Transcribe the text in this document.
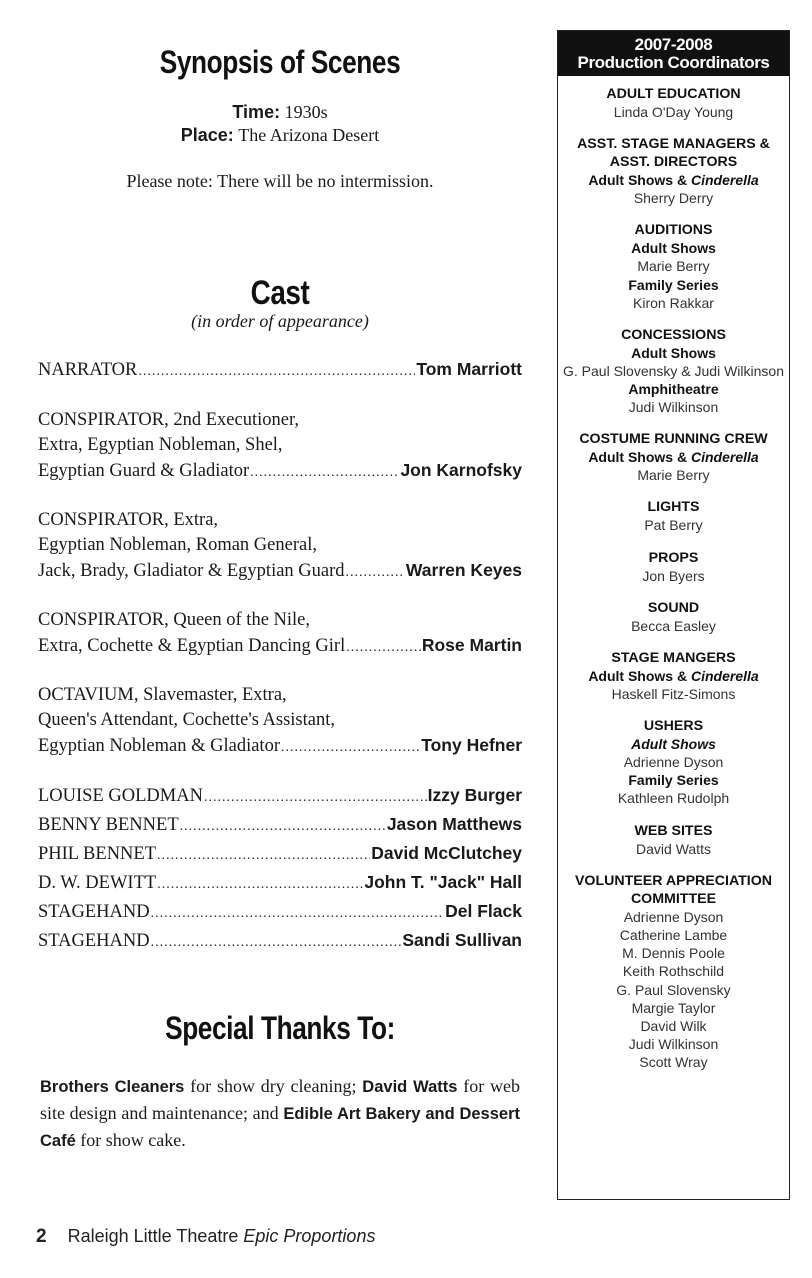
Synopsis of Scenes
Time: 1930s
Place: The Arizona Desert
Please note: There will be no intermission.
Cast
(in order of appearance)
NARRATOR .....	Tom Marriott
CONSPIRATOR, 2nd Executioner,
Extra, Egyptian Nobleman, Shel,
Egyptian Guard & Gladiator .....	Jon Karnofsky
CONSPIRATOR, Extra,
Egyptian Nobleman, Roman General,
Jack, Brady, Gladiator & Egyptian Guard .....	Warren Keyes
CONSPIRATOR, Queen of the Nile,
Extra, Cochette & Egyptian Dancing Girl .....	Rose Martin
OCTAVIUM, Slavemaster, Extra,
Queen's Attendant, Cochette's Assistant,
Egyptian Nobleman & Gladiator .....	Tony Hefner
LOUISE GOLDMAN .....	Izzy Burger
BENNY BENNET .....	Jason Matthews
PHIL BENNET .....	David McClutchey
D. W. DEWITT .....	John T. "Jack" Hall
STAGEHAND .....	Del Flack
STAGEHAND .....	Sandi Sullivan
Special Thanks To:
Brothers Cleaners for show dry cleaning; David Watts for web site design and maintenance; and Edible Art Bakery and Dessert Café for show cake.
2 Raleigh Little Theatre Epic Proportions
2007-2008
Production Coordinators
ADULT EDUCATION
Linda O'Day Young
ASST. STAGE MANAGERS &
ASST. DIRECTORS
Adult Shows & Cinderella
Sherry Derry
AUDITIONS
Adult Shows
Marie Berry
Family Series
Kiron Rakkar
CONCESSIONS
Adult Shows
G. Paul Slovensky & Judi Wilkinson
Amphitheatre
Judi Wilkinson
COSTUME RUNNING CREW
Adult Shows & Cinderella
Marie Berry
LIGHTS
Pat Berry
PROPS
Jon Byers
SOUND
Becca Easley
STAGE MANGERS
Adult Shows & Cinderella
Haskell Fitz-Simons
USHERS
Adult Shows
Adrienne Dyson
Family Series
Kathleen Rudolph
WEB SITES
David Watts
VOLUNTEER APPRECIATION
COMMITTEE
Adrienne Dyson
Catherine Lambe
M. Dennis Poole
Keith Rothschild
G. Paul Slovensky
Margie Taylor
David Wilk
Judi Wilkinson
Scott Wray
